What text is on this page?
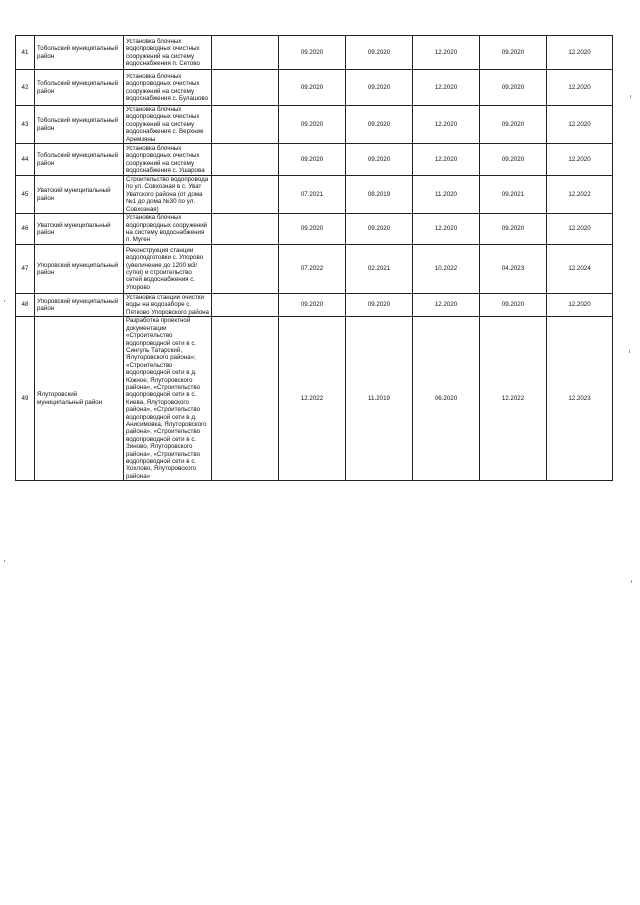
41	Тобольский муниципальный район	Установка блочных водопроводных очистных сооружений на систему водоснабжения п. Сетово		09.2020	09.2020	12.2020	09.2020	12.2020
42	Тобольский муниципальный район	Установка блочных водопроводных очистных сооружений на систему водоснабжения с. Булашово		09.2020	09.2020	12.2020	09.2020	12.2020
43	Тобольский муниципальный район	Установка блочных водопроводных очистных сооружений на систему водоснабжения с. Верхние Аремзяны		09.2020	09.2020	12.2020	09.2020	12.2020
44	Тобольский муниципальный район	Установка блочных водопроводных очистных сооружений на систему водоснабжения с. Ушарова		09.2020	09.2020	12.2020	09.2020	12.2020
45	Уватский муниципальный район	Строительство водопровода по ул. Совхозная в с. Уват Уватского района (от дома №1 до дома №30 по ул. Совхозная)		07.2021	08.2019	11.2020	09.2021	12.2022
46	Уватский муниципальный район	Установка блочных водопроводных сооружений на систему водоснабжения п. Муген		09.2020	09.2020	12.2020	09.2020	12.2020
47	Упоровский муниципальный район	Реконструкция станции водоподготовки с. Упорово (увеличение до 1200 м3/сутки) и строительство сетей водоснабжения с. Упорово		07.2022	02.2021	10.2022	04.2023	12.2024
48	Упоровский муниципальный район	Установка станции очистки воды на водозаборе с. Пятково Упоровского района		09.2020	09.2020	12.2020	09.2020	12.2020
49	Ялуторовский муниципальный район	Разработка проектной документации «Строительство водопроводной сети в с. Сингуль Татарский, Ялуторовского района»; «Строительство водопроводной сети в д. Южное, Ялуторовского района», «Строительство водопроводной сети в с. Киева, Ялуторовского района», «Строительство водопроводной сети в д. Анисимовка, Ялуторовского района», «Строительство водопроводной сети в с. Зиново, Ялуторовского района», «Строительство водопроводной сети в с. Хохлово, Ялуторовского района»		12.2022	11.2019	06.2020	12.2022	12.2023
